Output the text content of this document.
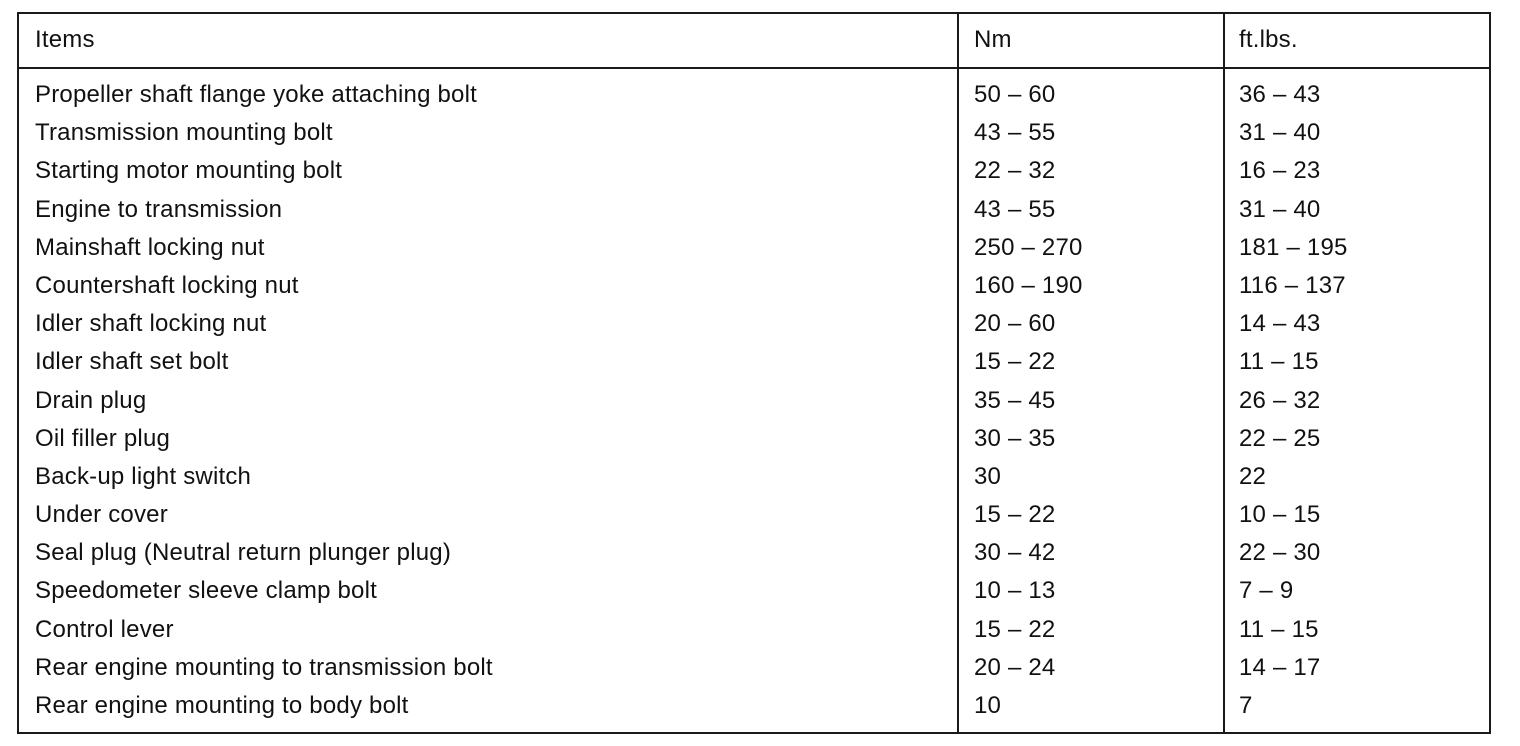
Items	Nm	ft.lbs.
Propeller shaft flange yoke attaching bolt	50 – 60	36 – 43
Transmission mounting bolt	43 – 55	31 – 40
Starting motor mounting bolt	22 – 32	16 – 23
Engine to transmission	43 – 55	31 – 40
Mainshaft locking nut	250 – 270	181 – 195
Countershaft locking nut	160 – 190	116 – 137
Idler shaft locking nut	20 – 60	14 – 43
Idler shaft set bolt	15 – 22	11 – 15
Drain plug	35 – 45	26 – 32
Oil filler plug	30 – 35	22 – 25
Back-up light switch	30	22
Under cover	15 – 22	10 – 15
Seal plug (Neutral return plunger plug)	30 – 42	22 – 30
Speedometer sleeve clamp bolt	10 – 13	7 – 9
Control lever	15 – 22	11 – 15
Rear engine mounting to transmission bolt	20 – 24	14 – 17
Rear engine mounting to body bolt	10	7
